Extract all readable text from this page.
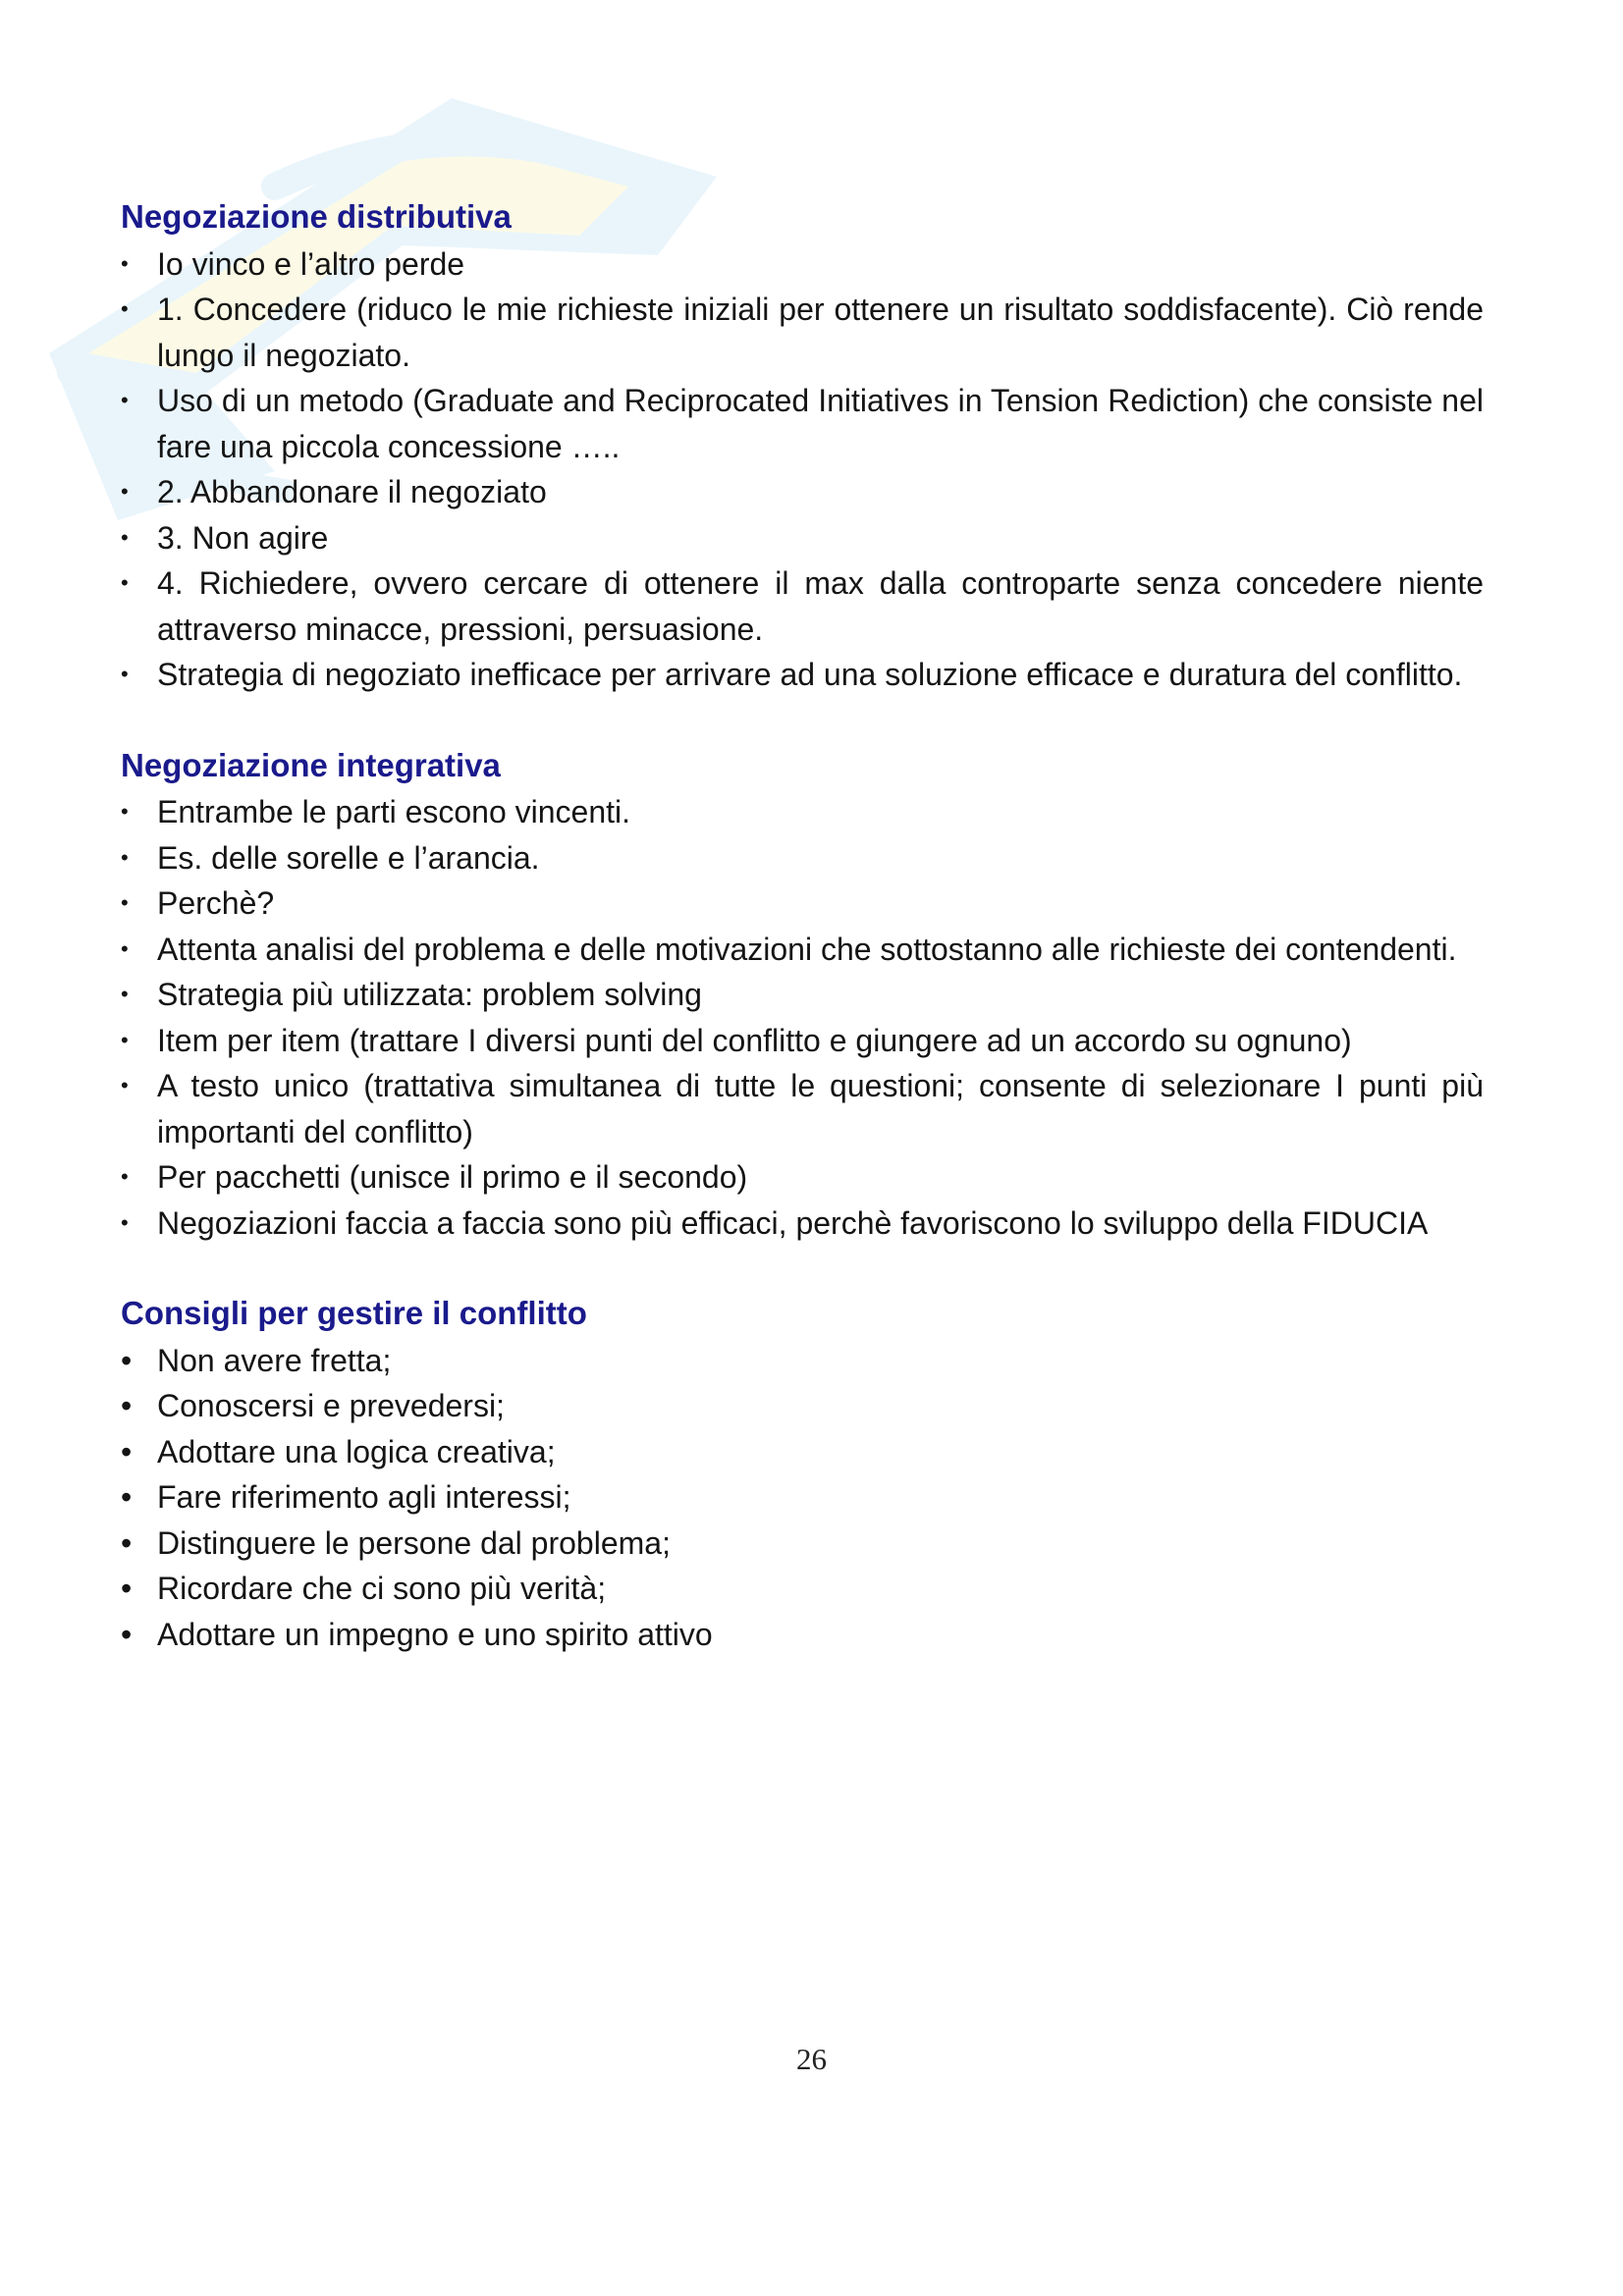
Negoziazione distributiva
• Io vinco e l’altro perde
• 1. Concedere (riduco le mie richieste iniziali per ottenere un risultato soddisfacente). Ciò rende lungo il negoziato.
• Uso di un metodo (Graduate and Reciprocated Initiatives in Tension Rediction) che consiste nel fare una piccola concessione …..
• 2. Abbandonare il negoziato
• 3. Non agire
• 4. Richiedere, ovvero cercare di ottenere il max dalla controparte senza concedere niente attraverso minacce, pressioni, persuasione.
• Strategia di negoziato inefficace per arrivare ad una soluzione efficace e duratura del conflitto.
Negoziazione integrativa
• Entrambe le parti escono vincenti.
• Es. delle sorelle e l’arancia.
• Perchè?
• Attenta analisi del problema e delle motivazioni che sottostanno alle richieste dei contendenti.
• Strategia più utilizzata: problem solving
• Item per item (trattare I diversi punti del conflitto e giungere ad un accordo su ognuno)
• A testo unico (trattativa simultanea di tutte le questioni; consente di selezionare I punti più importanti del conflitto)
• Per pacchetti (unisce il primo e il secondo)
• Negoziazioni faccia a faccia sono più efficaci, perchè favoriscono lo sviluppo della FIDUCIA
Consigli per gestire il conflitto
• Non avere fretta;
• Conoscersi e prevedersi;
• Adottare una logica creativa;
• Fare riferimento agli interessi;
• Distinguere le persone dal problema;
• Ricordare che ci sono più verità;
• Adottare un impegno e uno spirito attivo
26
